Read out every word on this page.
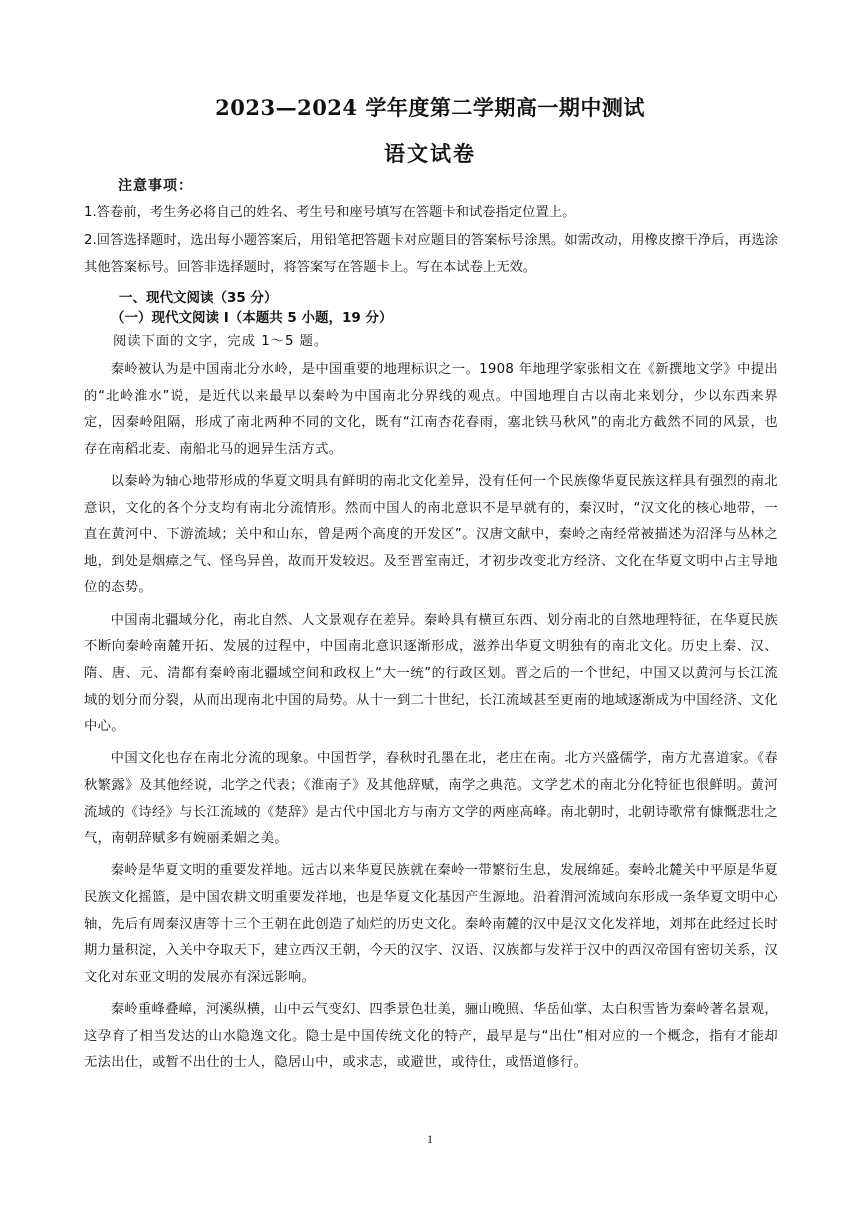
2023—2024 学年度第二学期高一期中测试
语文试卷
注意事项：
1.答卷前，考生务必将自己的姓名、考生号和座号填写在答题卡和试卷指定位置上。
2.回答选择题时，选出每小题答案后，用铅笔把答题卡对应题目的答案标号涂黑。如需改动，用橡皮擦干净后，再选涂其他答案标号。回答非选择题时，将答案写在答题卡上。写在本试卷上无效。
一、现代文阅读（35 分）
（一）现代文阅读 I（本题共 5 小题，19 分）
阅读下面的文字，完成 1～5 题。

秦岭被认为是中国南北分水岭，是中国重要的地理标识之一。1908 年地理学家张相文在《新撰地文学》中提出的“北岭淮水”说，是近代以来最早以秦岭为中国南北分界线的观点。中国地理自古以南北来划分，少以东西来界定，因秦岭阻隔，形成了南北两种不同的文化，既有“江南杏花春雨，塞北铁马秋风”的南北方截然不同的风景，也存在南稻北麦、南船北马的迥异生活方式。

以秦岭为轴心地带形成的华夏文明具有鲜明的南北文化差异，没有任何一个民族像华夏民族这样具有强烈的南北意识，文化的各个分支均有南北分流情形。然而中国人的南北意识不是早就有的，秦汉时，“汉文化的核心地带，一直在黄河中、下游流域；关中和山东，曾是两个高度的开发区”。汉唐文献中，秦岭之南经常被描述为沼泽与丛林之地，到处是烟瘴之气、怪鸟异兽，故而开发较迟。及至晋室南迁，才初步改变北方经济、文化在华夏文明中占主导地位的态势。

中国南北疆域分化，南北自然、人文景观存在差异。秦岭具有横亘东西、划分南北的自然地理特征，在华夏民族不断向秦岭南麓开拓、发展的过程中，中国南北意识逐渐形成，滋养出华夏文明独有的南北文化。历史上秦、汉、隋、唐、元、清都有秦岭南北疆域空间和政权上“大一统”的行政区划。晋之后的一个世纪，中国又以黄河与长江流域的划分而分裂，从而出现南北中国的局势。从十一到二十世纪，长江流域甚至更南的地域逐渐成为中国经济、文化中心。

中国文化也存在南北分流的现象。中国哲学，春秋时孔墨在北，老庄在南。北方兴盛儒学，南方尤喜道家。《春秋繁露》及其他经说，北学之代表；《淮南子》及其他辞赋，南学之典范。文学艺术的南北分化特征也很鲜明。黄河流域的《诗经》与长江流域的《楚辞》是古代中国北方与南方文学的两座高峰。南北朝时，北朝诗歌常有慷慨悲壮之气，南朝辞赋多有婉丽柔媚之美。

秦岭是华夏文明的重要发祥地。远古以来华夏民族就在秦岭一带繁衍生息，发展绵延。秦岭北麓关中平原是华夏民族文化摇篮，是中国农耕文明重要发祥地，也是华夏文化基因产生源地。沿着渭河流域向东形成一条华夏文明中心轴，先后有周秦汉唐等十三个王朝在此创造了灿烂的历史文化。秦岭南麓的汉中是汉文化发祥地，刘邦在此经过长时期力量积淀，入关中夺取天下，建立西汉王朝，今天的汉字、汉语、汉族都与发祥于汉中的西汉帝国有密切关系，汉文化对东亚文明的发展亦有深远影响。

秦岭重峰叠嶂，河溪纵横，山中云气变幻、四季景色壮美，骊山晚照、华岳仙掌、太白积雪皆为秦岭著名景观，这孕育了相当发达的山水隐逸文化。隐士是中国传统文化的特产，最早是与“出仕”相对应的一个概念，指有才能却无法出仕，或暂不出仕的士人，隐居山中，或求志，或避世，或待仕，或悟道修行。

1
